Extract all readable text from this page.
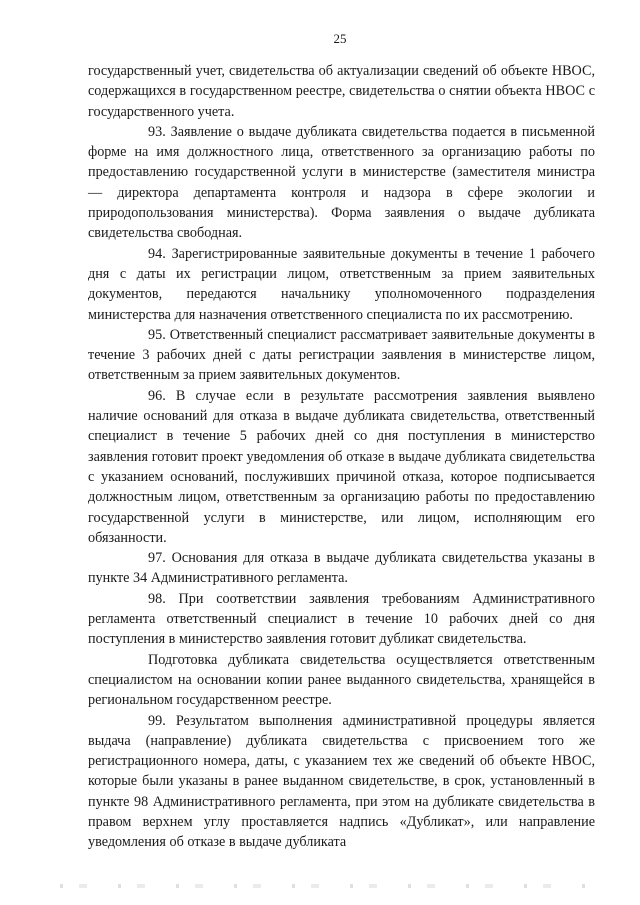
25

государственный учет, свидетельства об актуализации сведений об объекте НВОС, содержащихся в государственном реестре, свидетельства о снятии объекта НВОС с государственного учета.

93. Заявление о выдаче дубликата свидетельства подается в письменной форме на имя должностного лица, ответственного за организацию работы по предоставлению государственной услуги в министерстве (заместителя министра — директора департамента контроля и надзора в сфере экологии и природопользования министерства). Форма заявления о выдаче дубликата свидетельства свободная.

94. Зарегистрированные заявительные документы в течение 1 рабочего дня с даты их регистрации лицом, ответственным за прием заявительных документов, передаются начальнику уполномоченного подразделения министерства для назначения ответственного специалиста по их рассмотрению.

95. Ответственный специалист рассматривает заявительные документы в течение 3 рабочих дней с даты регистрации заявления в министерстве лицом, ответственным за прием заявительных документов.

96. В случае если в результате рассмотрения заявления выявлено наличие оснований для отказа в выдаче дубликата свидетельства, ответственный специалист в течение 5 рабочих дней со дня поступления в министерство заявления готовит проект уведомления об отказе в выдаче дубликата свидетельства с указанием оснований, послуживших причиной отказа, которое подписывается должностным лицом, ответственным за организацию работы по предоставлению государственной услуги в министерстве, или лицом, исполняющим его обязанности.

97. Основания для отказа в выдаче дубликата свидетельства указаны в пункте 34 Административного регламента.

98. При соответствии заявления требованиям Административного регламента ответственный специалист в течение 10 рабочих дней со дня поступления в министерство заявления готовит дубликат свидетельства.

Подготовка дубликата свидетельства осуществляется ответственным специалистом на основании копии ранее выданного свидетельства, хранящейся в региональном государственном реестре.

99. Результатом выполнения административной процедуры является выдача (направление) дубликата свидетельства с присвоением того же регистрационного номера, даты, с указанием тех же сведений об объекте НВОС, которые были указаны в ранее выданном свидетельстве, в срок, установленный в пункте 98 Административного регламента, при этом на дубликате свидетельства в правом верхнем углу проставляется надпись «Дубликат», или направление уведомления об отказе в выдаче дубликата
